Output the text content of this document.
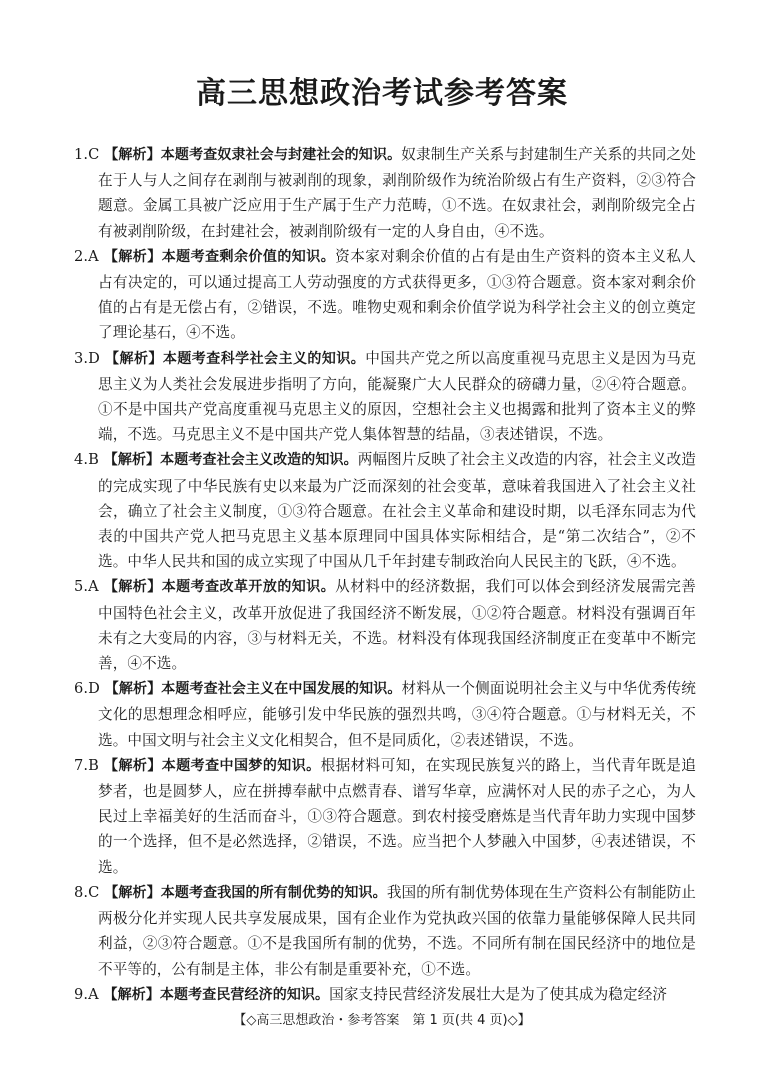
高三思想政治考试参考答案

1.C 【解析】本题考查奴隶社会与封建社会的知识。奴隶制生产关系与封建制生产关系的共同之处在于人与人之间存在剥削与被剥削的现象，剥削阶级作为统治阶级占有生产资料，②③符合题意。金属工具被广泛应用于生产属于生产力范畴，①不选。在奴隶社会，剥削阶级完全占有被剥削阶级，在封建社会，被剥削阶级有一定的人身自由，④不选。

2.A 【解析】本题考查剩余价值的知识。资本家对剩余价值的占有是由生产资料的资本主义私人占有决定的，可以通过提高工人劳动强度的方式获得更多，①③符合题意。资本家对剩余价值的占有是无偿占有，②错误，不选。唯物史观和剩余价值学说为科学社会主义的创立奠定了理论基石，④不选。

3.D 【解析】本题考查科学社会主义的知识。中国共产党之所以高度重视马克思主义是因为马克思主义为人类社会发展进步指明了方向，能凝聚广大人民群众的磅礴力量，②④符合题意。①不是中国共产党高度重视马克思主义的原因，空想社会主义也揭露和批判了资本主义的弊端，不选。马克思主义不是中国共产党人集体智慧的结晶，③表述错误，不选。

4.B 【解析】本题考查社会主义改造的知识。两幅图片反映了社会主义改造的内容，社会主义改造的完成实现了中华民族有史以来最为广泛而深刻的社会变革，意味着我国进入了社会主义社会，确立了社会主义制度，①③符合题意。在社会主义革命和建设时期，以毛泽东同志为代表的中国共产党人把马克思主义基本原理同中国具体实际相结合，是“第二次结合”，②不选。中华人民共和国的成立实现了中国从几千年封建专制政治向人民民主的飞跃，④不选。

5.A 【解析】本题考查改革开放的知识。从材料中的经济数据，我们可以体会到经济发展需完善中国特色社会主义，改革开放促进了我国经济不断发展，①②符合题意。材料没有强调百年未有之大变局的内容，③与材料无关，不选。材料没有体现我国经济制度正在变革中不断完善，④不选。

6.D 【解析】本题考查社会主义在中国发展的知识。材料从一个侧面说明社会主义与中华优秀传统文化的思想理念相呼应，能够引发中华民族的强烈共鸣，③④符合题意。①与材料无关，不选。中国文明与社会主义文化相契合，但不是同质化，②表述错误，不选。

7.B 【解析】本题考查中国梦的知识。根据材料可知，在实现民族复兴的路上，当代青年既是追梦者，也是圆梦人，应在拼搏奉献中点燃青春、谱写华章，应满怀对人民的赤子之心，为人民过上幸福美好的生活而奋斗，①③符合题意。到农村接受磨炼是当代青年助力实现中国梦的一个选择，但不是必然选择，②错误，不选。应当把个人梦融入中国梦，④表述错误，不选。

8.C 【解析】本题考查我国的所有制优势的知识。我国的所有制优势体现在生产资料公有制能防止两极分化并实现人民共享发展成果，国有企业作为党执政兴国的依靠力量能够保障人民共同利益，②③符合题意。①不是我国所有制的优势，不选。不同所有制在国民经济中的地位是不平等的，公有制是主体，非公有制是重要补充，①不选。

9.A 【解析】本题考查民营经济的知识。国家支持民营经济发展壮大是为了使其成为稳定经济

【◇高三思想政治・参考答案　第 1 页(共 4 页)◇】
